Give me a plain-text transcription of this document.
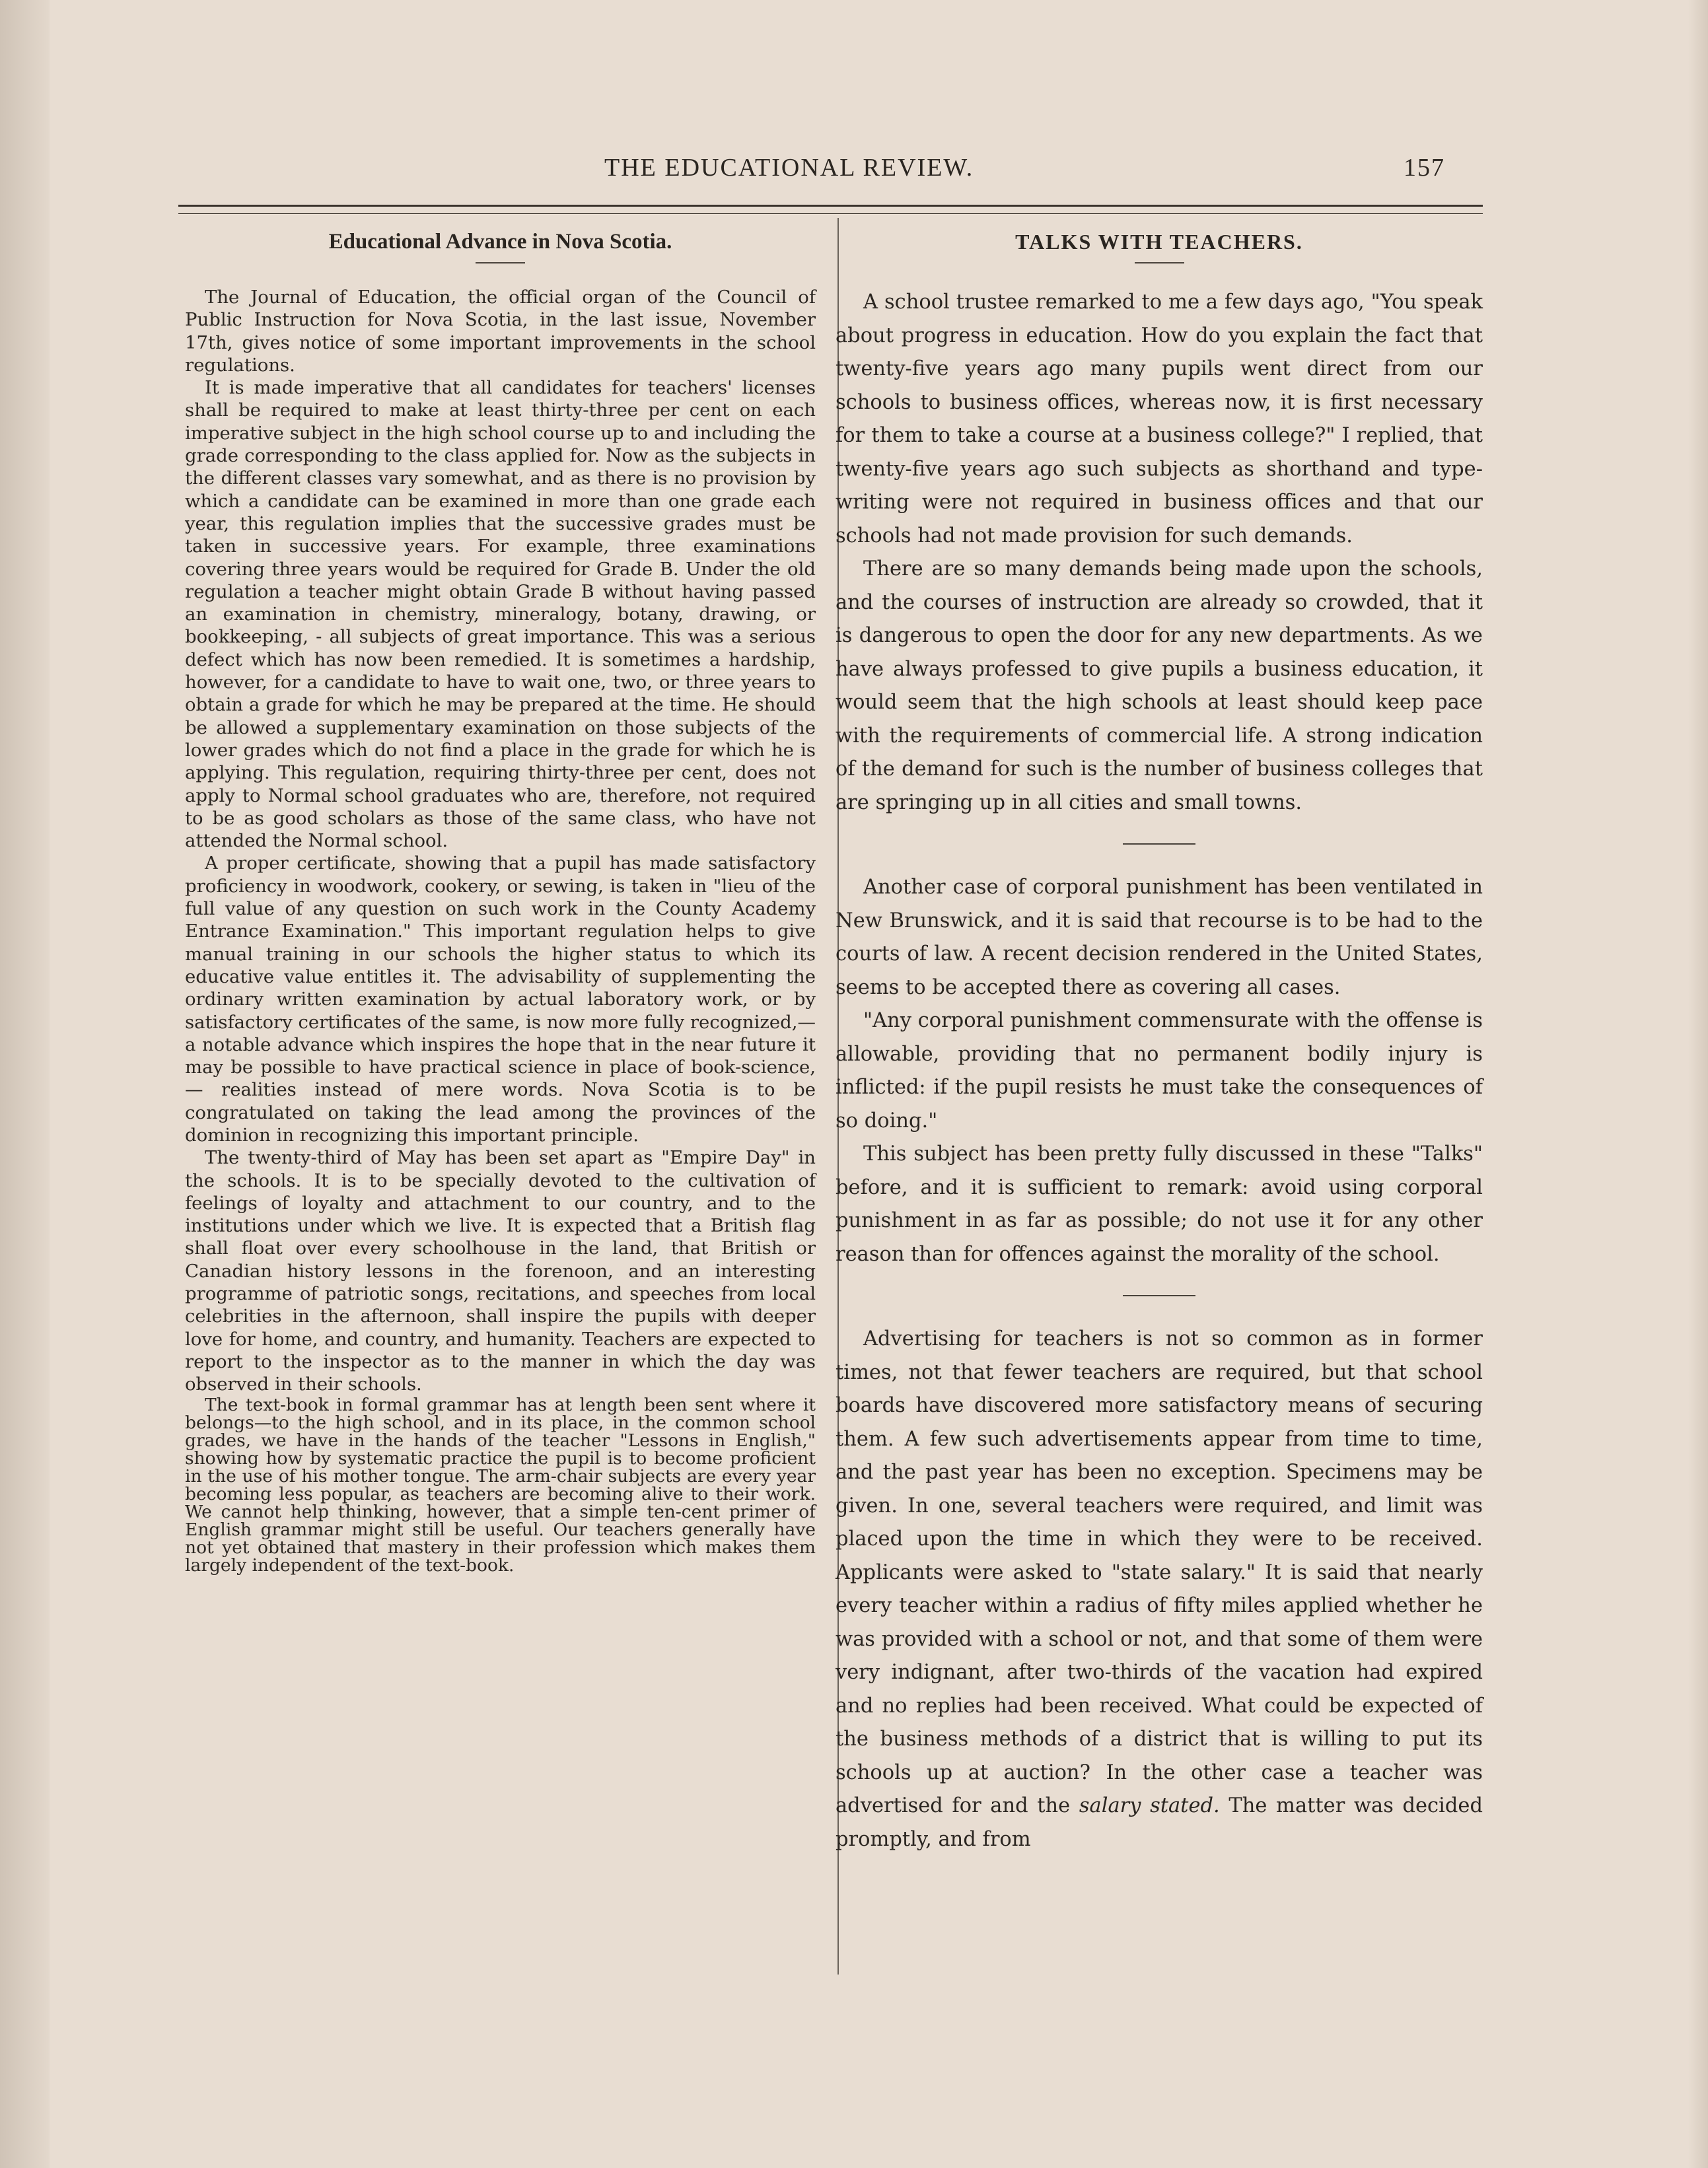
THE EDUCATIONAL REVIEW.	157
Educational Advance in Nova Scotia.

The Journal of Education, the official organ of the Council of Public Instruction for Nova Scotia, in the last issue, November 17th, gives notice of some important improvements in the school regulations.

It is made imperative that all candidates for teachers' licenses shall be required to make at least thirty-three per cent on each imperative subject in the high school course up to and including the grade corresponding to the class applied for. Now as the subjects in the different classes vary somewhat, and as there is no provision by which a candidate can be examined in more than one grade each year, this regulation implies that the successive grades must be taken in successive years. For example, three examinations covering three years would be required for Grade B. Under the old regulation a teacher might obtain Grade B without having passed an examination in chemistry, mineralogy, botany, drawing, or bookkeeping, - all subjects of great importance. This was a serious defect which has now been remedied. It is sometimes a hardship, however, for a candidate to have to wait one, two, or three years to obtain a grade for which he may be prepared at the time. He should be allowed a supplementary examination on those subjects of the lower grades which do not find a place in the grade for which he is applying. This regulation, requiring thirty-three per cent, does not apply to Normal school graduates who are, therefore, not required to be as good scholars as those of the same class, who have not attended the Normal school.

A proper certificate, showing that a pupil has made satisfactory proficiency in woodwork, cookery, or sewing, is taken in "lieu of the full value of any question on such work in the County Academy Entrance Examination." This important regulation helps to give manual training in our schools the higher status to which its educative value entitles it. The advisability of supplementing the ordinary written examination by actual laboratory work, or by satisfactory certificates of the same, is now more fully recognized,—a notable advance which inspires the hope that in the near future it may be possible to have practical science in place of book-science,— realities instead of mere words. Nova Scotia is to be congratulated on taking the lead among the provinces of the dominion in recognizing this important principle.

The twenty-third of May has been set apart as "Empire Day" in the schools. It is to be specially devoted to the cultivation of feelings of loyalty and attachment to our country, and to the institutions under which we live. It is expected that a British flag shall float over every schoolhouse in the land, that British or Canadian history lessons in the forenoon, and an interesting programme of patriotic songs, recitations, and speeches from local celebrities in the afternoon, shall inspire the pupils with deeper love for home, and country, and humanity. Teachers are expected to report to the inspector as to the manner in which the day was observed in their schools.

The text-book in formal grammar has at length been sent where it belongs—to the high school, and in its place, in the common school grades, we have in the hands of the teacher "Lessons in English," showing how by systematic practice the pupil is to become proficient in the use of his mother tongue. The arm-chair subjects are every year becoming less popular, as teachers are becoming alive to their work. We cannot help thinking, however, that a simple ten-cent primer of English grammar might still be useful. Our teachers generally have not yet obtained that mastery in their profession which makes them largely independent of the text-book.

TALKS WITH TEACHERS.

A school trustee remarked to me a few days ago, "You speak about progress in education. How do you explain the fact that twenty-five years ago many pupils went direct from our schools to business offices, whereas now, it is first necessary for them to take a course at a business college?" I replied, that twenty-five years ago such subjects as shorthand and type-writing were not required in business offices and that our schools had not made provision for such demands.

There are so many demands being made upon the schools, and the courses of instruction are already so crowded, that it is dangerous to open the door for any new departments. As we have always professed to give pupils a business education, it would seem that the high schools at least should keep pace with the requirements of commercial life. A strong indication of the demand for such is the number of business colleges that are springing up in all cities and small towns.

Another case of corporal punishment has been ventilated in New Brunswick, and it is said that recourse is to be had to the courts of law. A recent decision rendered in the United States, seems to be accepted there as covering all cases.

"Any corporal punishment commensurate with the offense is allowable, providing that no permanent bodily injury is inflicted: if the pupil resists he must take the consequences of so doing."

This subject has been pretty fully discussed in these "Talks" before, and it is sufficient to remark: avoid using corporal punishment in as far as possible; do not use it for any other reason than for offences against the morality of the school.

Advertising for teachers is not so common as in former times, not that fewer teachers are required, but that school boards have discovered more satisfactory means of securing them. A few such advertisements appear from time to time, and the past year has been no exception. Specimens may be given. In one, several teachers were required, and limit was placed upon the time in which they were to be received. Applicants were asked to "state salary." It is said that nearly every teacher within a radius of fifty miles applied whether he was provided with a school or not, and that some of them were very indignant, after two-thirds of the vacation had expired and no replies had been received. What could be expected of the business methods of a district that is willing to put its schools up at auction? In the other case a teacher was advertised for and the salary stated. The matter was decided promptly, and from
